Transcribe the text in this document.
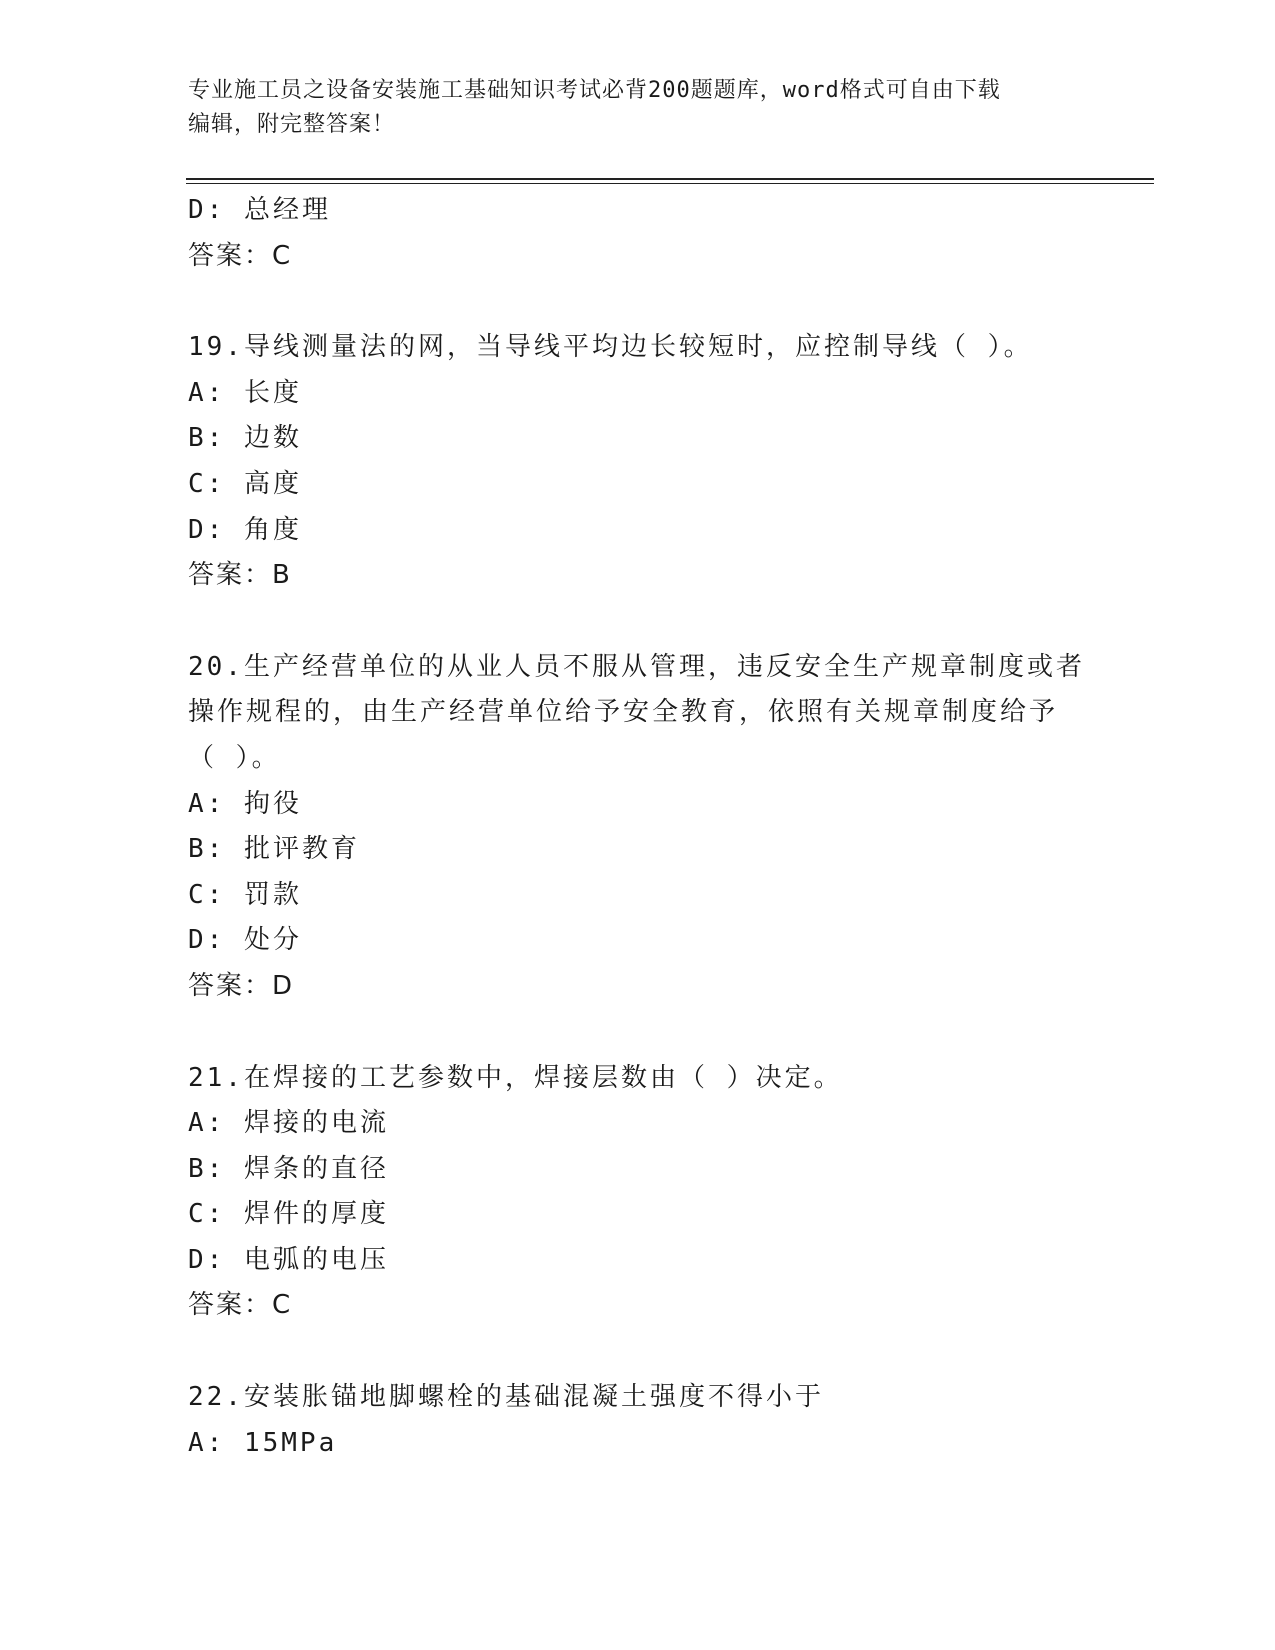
专业施工员之设备安装施工基础知识考试必背200题题库，word格式可自由下载
编辑，附完整答案！
D: 总经理
答案：C
19.导线测量法的网，当导线平均边长较短时，应控制导线（ ）。
A: 长度
B: 边数
C: 高度
D: 角度
答案：B
20.生产经营单位的从业人员不服从管理，违反安全生产规章制度或者
操作规程的，由生产经营单位给予安全教育，依照有关规章制度给予
（ ）。
A: 拘役
B: 批评教育
C: 罚款
D: 处分
答案：D
21.在焊接的工艺参数中，焊接层数由（ ）决定。
A: 焊接的电流
B: 焊条的直径
C: 焊件的厚度
D: 电弧的电压
答案：C
22.安装胀锚地脚螺栓的基础混凝土强度不得小于
A: 15MPa
